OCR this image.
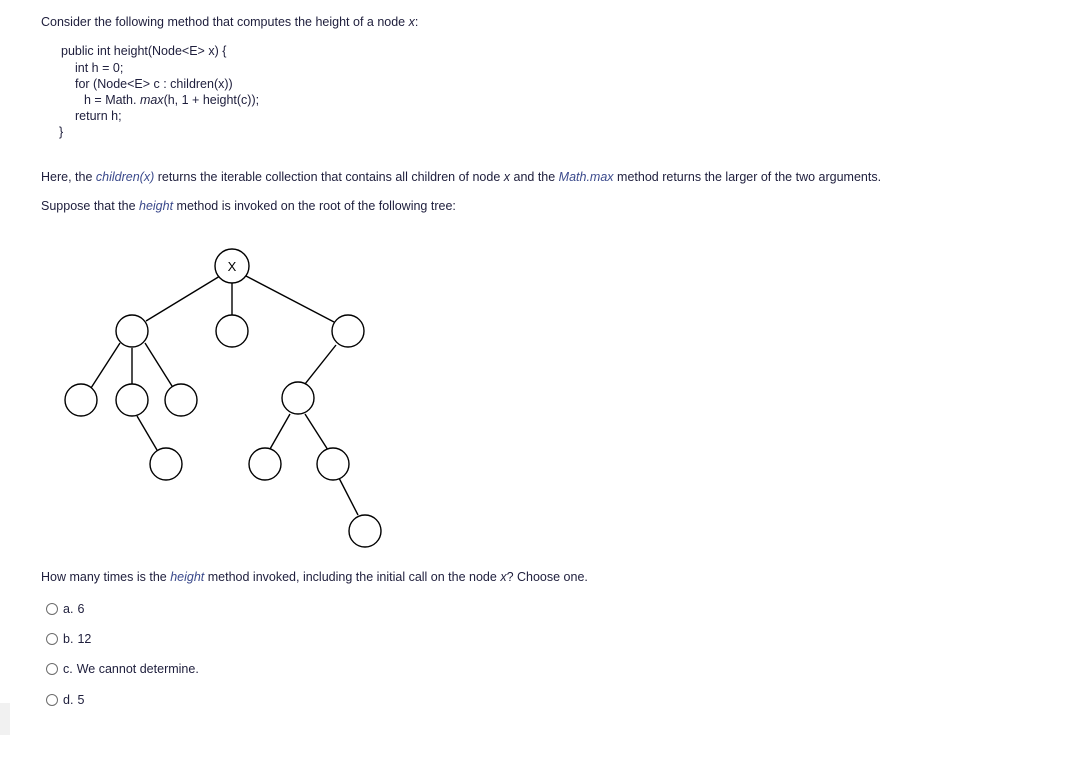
Consider the following method that computes the height of a node x:
public int height(Node<E> x) {
int h = 0;
for (Node<E> c : children(x))
h = Math. max(h, 1 + height(c));
return h;
}
Here, the children(x) returns the iterable collection that contains all children of node x and the Math.max method returns the larger of the two arguments.
Suppose that the height method is invoked on the root of the following tree:
X
How many times is the height method invoked, including the initial call on the node x? Choose one.
a. 6
b. 12
c. We cannot determine.
d. 5
